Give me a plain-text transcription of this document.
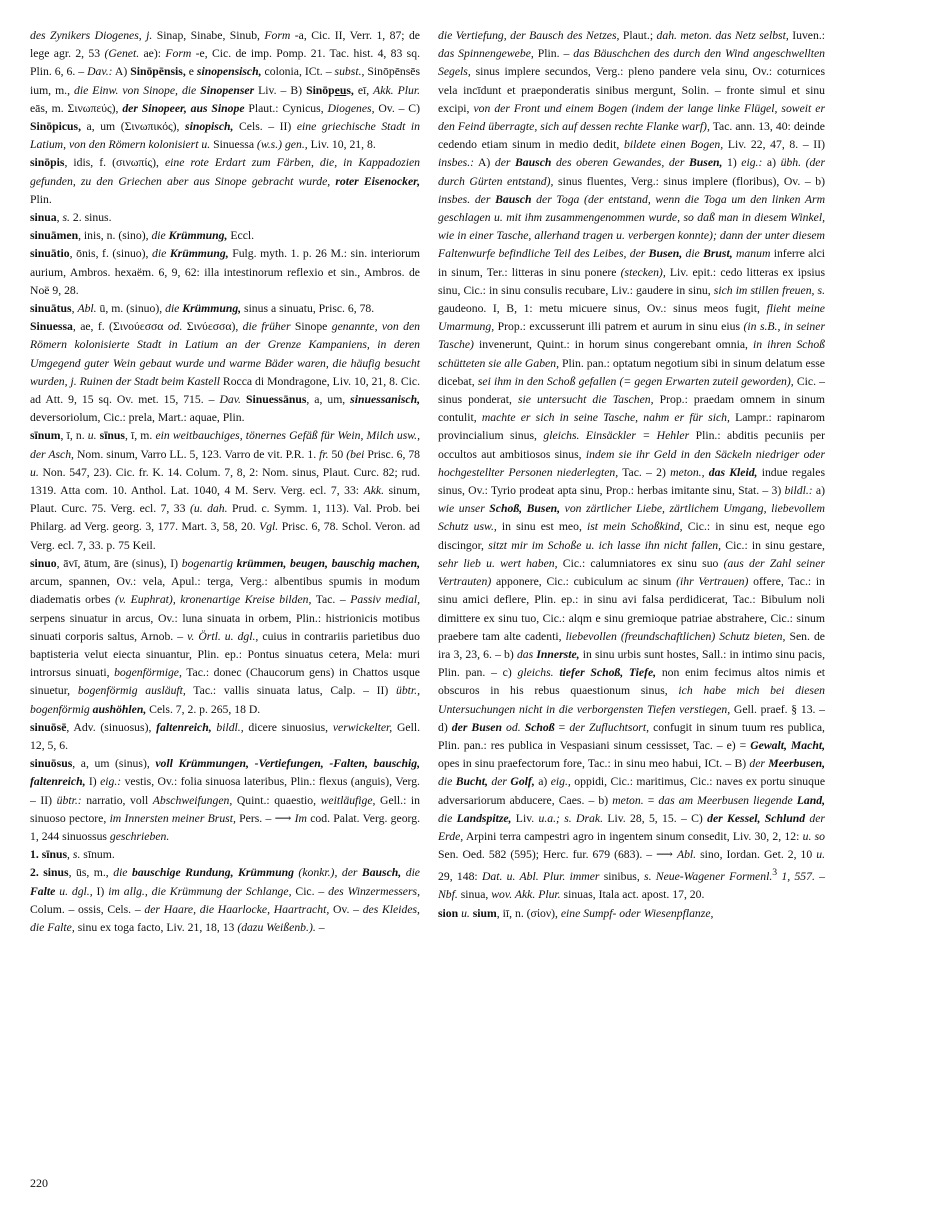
des Zynikers Diogenes, j. Sinap, Sinabe, Sinub, Form -a, Cic. II, Verr. 1, 87; de lege agr. 2, 53 (Genet. ae): Form -e, Cic. de imp. Pomp. 21. Tac. hist. 4, 83 sq. Plin. 6, 6. – Dav.: A) Sinōpēnsis, e sinopensisch, colonia, ICt. – subst., Sinōpēnsēs ium, m., die Einw. von Sinope, die Sinopenser Liv. – B) Sinōpeus, eī, Akk. Plur. eās, m. Σινωπεύς), der Sinopeer, aus Sinope Plaut.: Cynicus, Diogenes, Ov. – C) Sinōpicus, a, um (Σινωπικός), sinopisch, Cels. – II) eine griechische Stadt in Latium, von den Römern kolonisiert u. Sinuessa (w.s.) gen., Liv. 10, 21, 8.

sinōpis, idis, f. (σινωπίς), eine rote Erdart zum Färben, die, in Kappadozien gefunden, zu den Griechen aber aus Sinope gebracht wurde, roter Eisenocker, Plin.

sinua, s. 2. sinus.

sinuāmen, inis, n. (sino), die Krümmung, Eccl.

sinuātio, ōnis, f. (sinuo), die Krümmung, Fulg. myth. 1. p. 26 M.: sin. interiorum aurium, Ambros. hexaëm. 6, 9, 62: illa intestinorum reflexio et sin., Ambros. de Noë 9, 28.

sinuātus, Abl. ū, m. (sinuo), die Krümmung, sinus a sinuatu, Prisc. 6, 78.

Sinuessa, ae, f. (Σινούεσσα od. Σινύεσσα), die früher Sinope genannte, von den Römern kolonisierte Stadt in Latium an der Grenze Kampaniens, in deren Umgegend guter Wein gebaut wurde und warme Bäder waren, die häufig besucht wurden, j. Ruinen der Stadt beim Kastell Rocca di Mondragone, Liv. 10, 21, 8. Cic. ad Att. 9, 15 sq. Ov. met. 15, 715. – Dav. Sinuessānus, a, um, sinuessanisch, deversoriolum, Cic.: prela, Mart.: aquae, Plin.

sīnum, ī, n. u. sīnus, ī, m. ein weitbauchiges, tönernes Gefäß für Wein, Milch usw., der Asch, Nom. sinum, Varro LL. 5, 123. Varro de vit. P.R. 1. fr. 50 (bei Prisc. 6, 78 u. Non. 547, 23). Cic. fr. K. 14. Colum. 7, 8, 2: Nom. sinus, Plaut. Curc. 82; rud. 1319. Atta com. 10. Anthol. Lat. 1040, 4 M. Serv. Verg. ecl. 7, 33: Akk. sinum, Plaut. Curc. 75. Verg. ecl. 7, 33 (u. dah. Prud. c. Symm. 1, 113). Val. Prob. bei Philarg. ad Verg. georg. 3, 177. Mart. 3, 58, 20. Vgl. Prisc. 6, 78. Schol. Veron. ad Verg. ecl. 7, 33. p. 75 Keil.

sinuo, āvī, ātum, āre (sinus), I) bogenartig krümmen, beugen, bauschig machen, arcum, spannen, Ov.: vela, Apul.: terga, Verg.: albentibus spumis in modum diadematis orbes (v. Euphrat), kronenartige Kreise bilden, Tac. – Passiv medial, serpens sinuatur in arcus, Ov.: luna sinuata in orbem, Plin.: histrionicis motibus sinuati corporis saltus, Arnob. – v. Örtl. u. dgl., cuius in contrariis parietibus duo baptisteria velut eiecta sinuantur, Plin. ep.: Pontus sinuatus cetera, Mela: muri introrsus sinuati, bogenförmige, Tac.: donec (Chaucorum gens) in Chattos usque sinuetur, bogenförmig ausläuft, Tac.: vallis sinuata latus, Calp. – II) übtr., bogenförmig aushöhlen, Cels. 7, 2. p. 265, 18 D.

sinuōsē, Adv. (sinuosus), faltenreich, bildl., dicere sinuosius, verwickelter, Gell. 12, 5, 6.

sinuōsus, a, um (sinus), voll Krümmungen, -Vertiefungen, -Falten, bauschig, faltenreich, I) eig.: vestis, Ov.: folia sinuosa lateribus, Plin.: flexus (anguis), Verg. – II) übtr.: narratio, voll Abschweifungen, Quint.: quaestio, weitläufige, Gell.: in sinuoso pectore, im Innersten meiner Brust, Pers. – ⟶ Im cod. Palat. Verg. georg. 1, 244 sinuossus geschrieben.

1. sīnus, s. sīnum.

2. sinus, ūs, m., die bauschige Rundung, Krümmung (konkr.), der Bausch, die Falte u. dgl., I) im allg., die Krümmung der Schlange, Cic. – des Winzermessers, Colum. – ossis, Cels. – der Haare, die Haarlocke, Haartracht, Ov. – des Kleides, die Falte, sinu ex toga facto, Liv. 21, 18, 13 (dazu Weißenb.). –

die Vertiefung, der Bausch des Netzes, Plaut.; dah. meton. das Netz selbst, Iuven.: das Spinnengewebe, Plin. – das Bäuschchen des durch den Wind angeschwellten Segels, sinus implere secundos, Verg.: pleno pandere vela sinu, Ov.: coturnices vela incīdunt et praeponderatis sinibus mergunt, Solin. – fronte simul et sinu excipi, von der Front und einem Bogen (indem der lange linke Flügel, soweit er den Feind überragte, sich auf dessen rechte Flanke warf), Tac. ann. 13, 40: deinde cedendo etiam sinum in medio dedit, bildete einen Bogen, Liv. 22, 47, 8. – II) insbes.: A) der Bausch des oberen Gewandes, der Busen, 1) eig.: a) übh. (der durch Gürten entstand), sinus fluentes, Verg.: sinus implere (floribus), Ov. – b) insbes. der Bausch der Toga (der entstand, wenn die Toga um den linken Arm geschlagen u. mit ihm zusammengenommen wurde, so daß man in diesem Winkel, wie in einer Tasche, allerhand tragen u. verbergen konnte); dann der unter diesem Faltenwurfe befindliche Teil des Leibes, der Busen, die Brust, manum inferre alci in sinum, Ter.: litteras in sinu ponere (stecken), Liv. epit.: cedo litteras ex ipsius sinu, Cic.: in sinu consulis recubare, Liv.: gaudere in sinu, sich im stillen freuen, s. gaudeono. I, B, 1: metu micuere sinus, Ov.: sinus meos fugit, flieht meine Umarmung, Prop.: excusserunt illi patrem et aurum in sinu eius (in s.B., in seiner Tasche) invenerunt, Quint.: in horum sinus congerebant omnia, in ihren Schoß schütteten sie alle Gaben, Plin. pan.: optatum negotium sibi in sinum delatum esse dicebat, sei ihm in den Schoß gefallen (= gegen Erwarten zuteil geworden), Cic. – sinus ponderat, sie untersucht die Taschen, Prop.: praedam omnem in sinum contulit, machte er sich in seine Tasche, nahm er für sich, Lampr.: rapinarom provincialium sinus, gleichs. Einsäckler = Hehler Plin.: abditis pecuniis per occultos aut ambitiosos sinus, indem sie ihr Geld in den Säckeln niedriger oder hochgestellter Personen niederlegten, Tac. – 2) meton., das Kleid, indue regales sinus, Ov.: Tyrio prodeat apta sinu, Prop.: herbas imitante sinu, Stat. – 3) bildl.: a) wie unser Schoß, Busen, von zärtlicher Liebe, zärtlichem Umgang, liebevollem Schutz usw., in sinu est meo, ist mein Schoßkind, Cic.: in sinu est, neque ego discingor, sitzt mir im Schoße u. ich lasse ihn nicht fallen, Cic.: in sinu gestare, sehr lieb u. wert haben, Cic.: calumniatores ex sinu suo (aus der Zahl seiner Vertrauten) apponere, Cic.: cubiculum ac sinum (ihr Vertrauen) offere, Tac.: in sinu amici deflere, Plin. ep.: in sinu avi falsa perdidicerat, Tac.: Bibulum noli dimittere ex sinu tuo, Cic.: alqm e sinu gremioque patriae abstrahere, Cic.: sinum praebere tam alte cadenti, liebevollen (freundschaftlichen) Schutz bieten, Sen. de ira 3, 23, 6. – b) das Innerste, in sinu urbis sunt hostes, Sall.: in intimo sinu pacis, Plin. pan. – c) gleichs. tiefer Schoß, Tiefe, non enim fecimus altos nimis et obscuros in his rebus quaestionum sinus, ich habe mich bei diesen Untersuchungen nicht in die verborgensten Tiefen verstiegen, Gell. praef. § 13. – d) der Busen od. Schoß = der Zufluchtsort, confugit in sinum tuum res publica, Plin. pan.: res publica in Vespasiani sinum cessisset, Tac. – e) = Gewalt, Macht, opes in sinu praefectorum fore, Tac.: in sinu meo habui, ICt. – B) der Meerbusen, die Bucht, der Golf, a) eig., oppidi, Cic.: maritimus, Cic.: naves ex portu sinuque adversariorum abducere, Caes. – b) meton. = das am Meerbusen liegende Land, die Landspitze, Liv. u.a.; s. Drak. Liv. 28, 5, 15. – C) der Kessel, Schlund der Erde, Arpini terra campestri agro in ingentem sinum consedit, Liv. 30, 2, 12: u. so Sen. Oed. 582 (595); Herc. fur. 679 (683). – ⟶ Abl. sino, Iordan. Get. 2, 10 u. 29, 148: Dat. u. Abl. Plur. immer sinibus, s. Neue-Wagener Formenl.$^3$ 1, 557. – Nbf. sinua, wov. Akk. Plur. sinuas, Itala act. apost. 17, 20.

sion u. sium, iī, n. (σίον), eine Sumpf- oder Wiesenpflanze,

220
